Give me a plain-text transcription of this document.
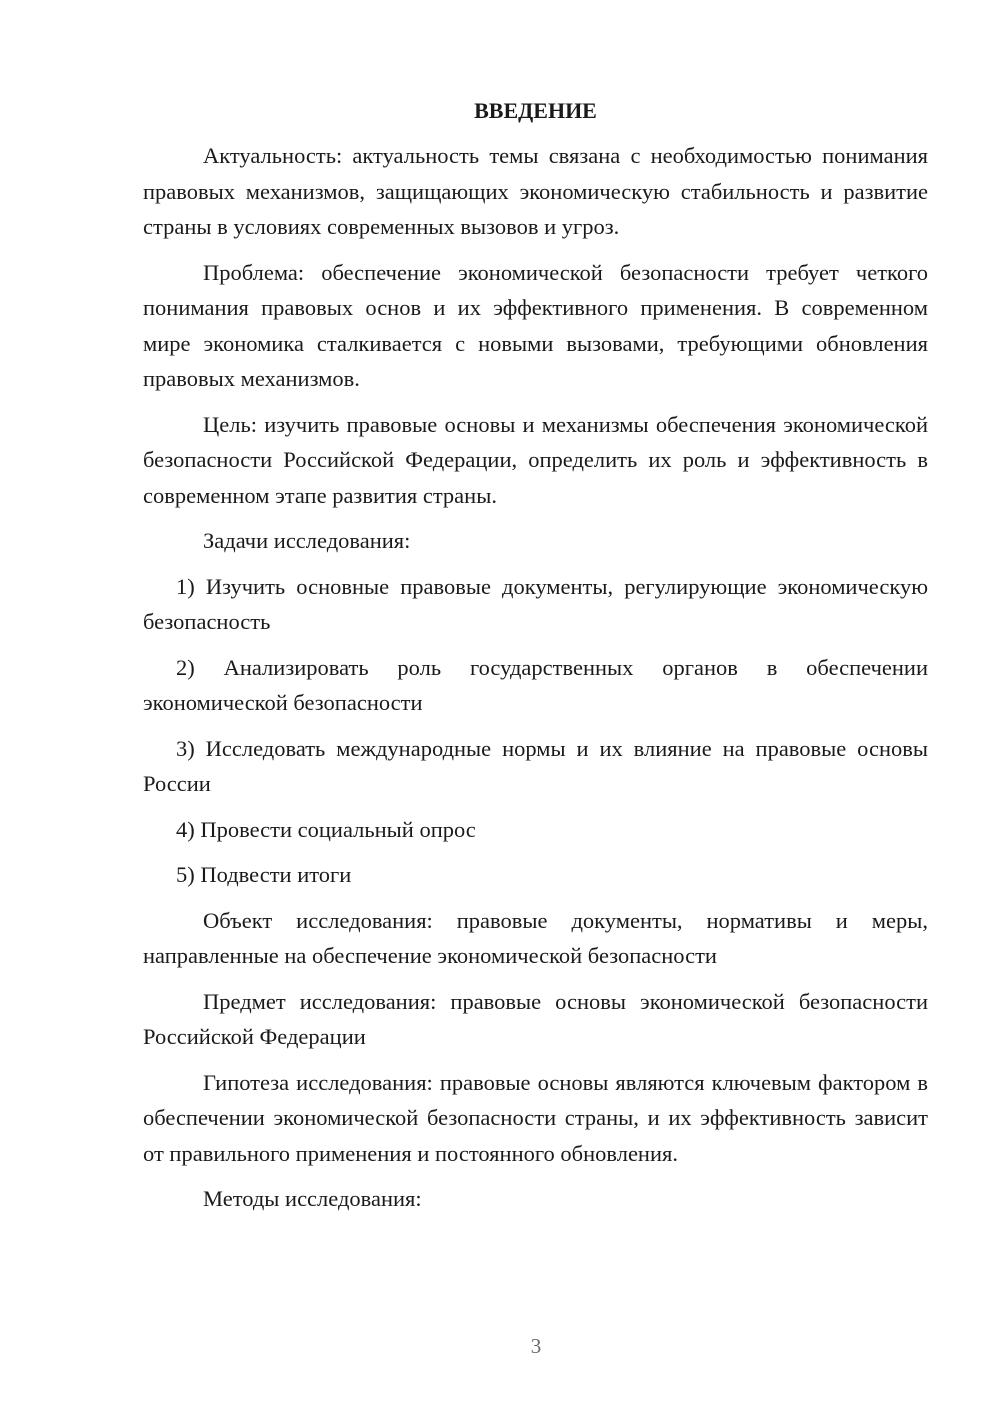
ВВЕДЕНИЕ

Актуальность: актуальность темы связана с необходимостью понимания правовых механизмов, защищающих экономическую стабильность и развитие страны в условиях современных вызовов и угроз.

Проблема: обеспечение экономической безопасности требует четкого понимания правовых основ и их эффективного применения. В современном мире экономика сталкивается с новыми вызовами, требующими обновления правовых механизмов.

Цель: изучить правовые основы и механизмы обеспечения экономической безопасности Российской Федерации, определить их роль и эффективность в современном этапе развития страны.

Задачи исследования:

1) Изучить основные правовые документы, регулирующие экономическую безопасность

2) Анализировать роль государственных органов в обеспечении экономической безопасности

3) Исследовать международные нормы и их влияние на правовые основы России

4) Провести социальный опрос

5) Подвести итоги

Объект исследования: правовые документы, нормативы и меры, направленные на обеспечение экономической безопасности

Предмет исследования: правовые основы экономической безопасности Российской Федерации

Гипотеза исследования: правовые основы являются ключевым фактором в обеспечении экономической безопасности страны, и их эффективность зависит от правильного применения и постоянного обновления.

Методы исследования:

3
